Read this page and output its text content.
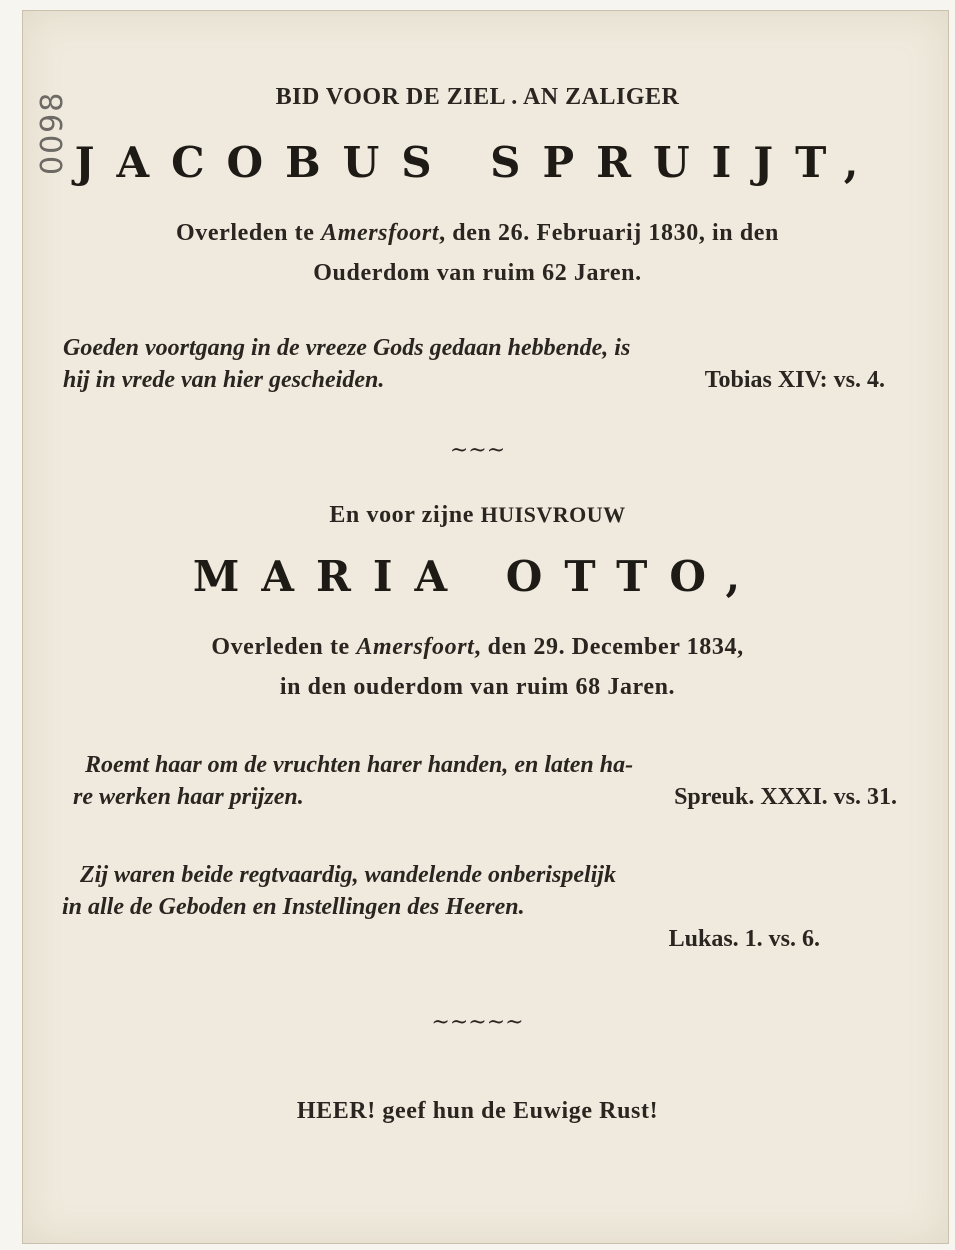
0098	BID VOOR DE ZIEL . AN ZALIGER
JACOBUS SPRUIJT,
Overleden te Amersfoort, den 26. Februarij 1830, in den
Ouderdom van ruim 62 Jaren.
Goeden voortgang in de vreeze Gods gedaan hebbende, is
hij in vrede van hier gescheiden.	Tobias XIV: vs. 4.
~~~
En voor zijne HUISVROUW
MARIA OTTO,
Overleden te Amersfoort, den 29. December 1834,
in den ouderdom van ruim 68 Jaren.
Roemt haar om de vruchten harer handen, en laten ha-
re werken haar prijzen.	Spreuk. XXXI. vs. 31.
Zij waren beide regtvaardig, wandelende onberispelijk
in alle de Geboden en Instellingen des Heeren.
Lukas. 1. vs. 6.
~~~~~
HEER! geef hun de Euwige Rust!
